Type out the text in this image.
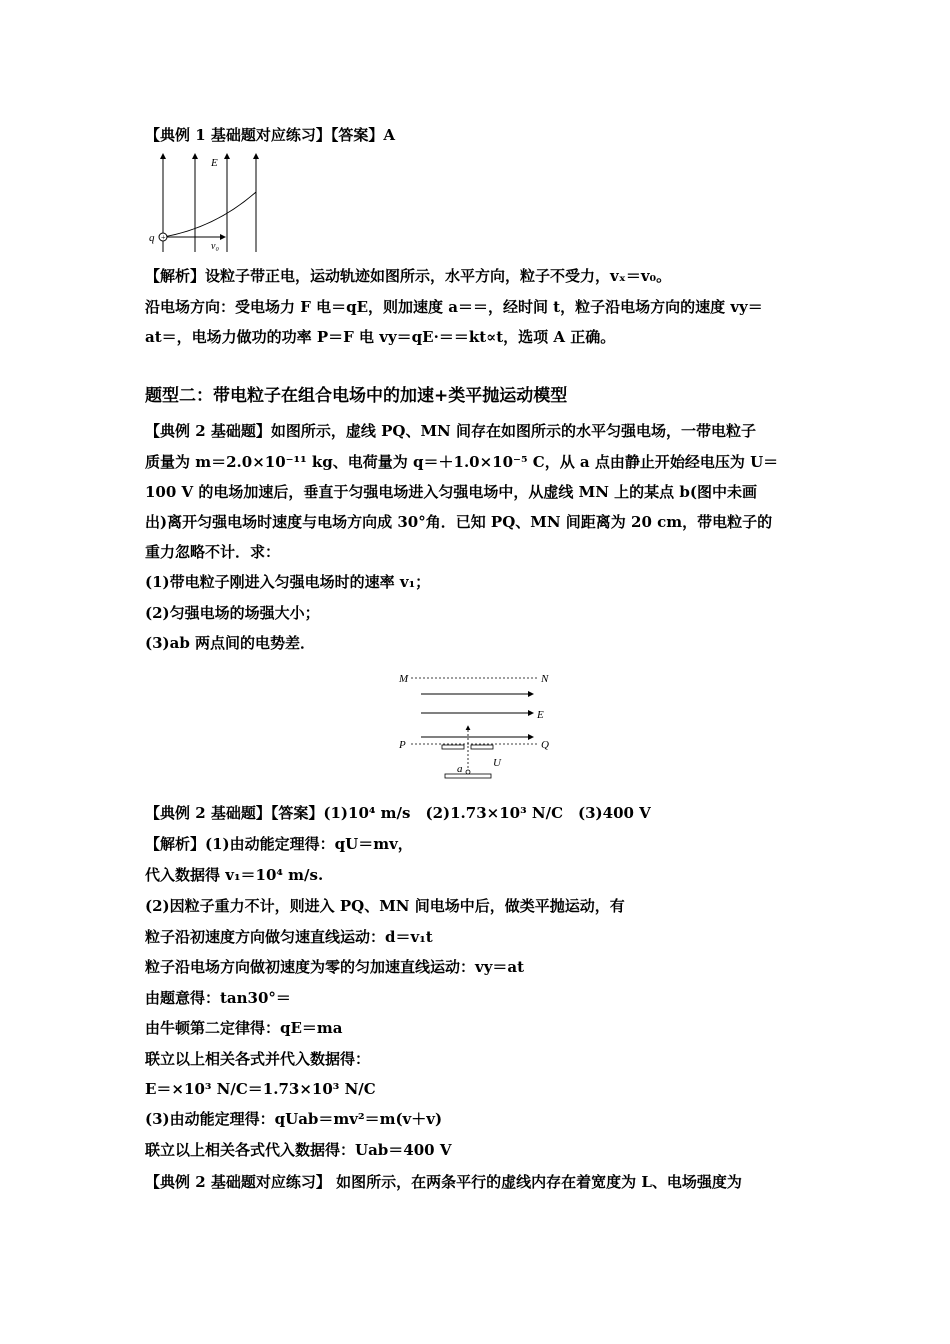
【典例 1 基础题对应练习】【答案】A
+
E
q
v₀
【解析】设粒子带正电，运动轨迹如图所示，水平方向，粒子不受力，vₓ＝v₀。
沿电场方向：受电场力 F 电＝qE，则加速度 a＝＝，经时间 t，粒子沿电场方向的速度 vy＝
at＝，电场力做功的功率 P＝F 电 vy＝qE·＝＝kt∝t，选项 A 正确。
题型二：带电粒子在组合电场中的加速+类平抛运动模型
【典例 2 基础题】如图所示，虚线 PQ、MN 间存在如图所示的水平匀强电场，一带电粒子
质量为 m＝2.0×10⁻¹¹ kg、电荷量为 q＝＋1.0×10⁻⁵ C，从 a 点由静止开始经电压为 U＝
100 V 的电场加速后，垂直于匀强电场进入匀强电场中，从虚线 MN 上的某点 b(图中未画
出)离开匀强电场时速度与电场方向成 30°角．已知 PQ、MN 间距离为 20 cm，带电粒子的
重力忽略不计．求：
(1)带电粒子刚进入匀强电场时的速率 v₁；
(2)匀强电场的场强大小；
(3)ab 两点间的电势差．
M	N
E
P	Q
U
a
【典例 2 基础题】【答案】(1)10⁴ m/s　(2)1.73×10³ N/C　(3)400 V
【解析】(1)由动能定理得：qU＝mv，
代入数据得 v₁＝10⁴ m/s.
(2)因粒子重力不计，则进入 PQ、MN 间电场中后，做类平抛运动，有
粒子沿初速度方向做匀速直线运动：d＝v₁t
粒子沿电场方向做初速度为零的匀加速直线运动：vy＝at
由题意得：tan30°＝
由牛顿第二定律得：qE＝ma
联立以上相关各式并代入数据得：
E＝×10³ N/C＝1.73×10³ N/C
(3)由动能定理得：qUab＝mv²＝m(v＋v)
联立以上相关各式代入数据得：Uab＝400 V
【典例 2 基础题对应练习】 如图所示，在两条平行的虚线内存在着宽度为 L、电场强度为
